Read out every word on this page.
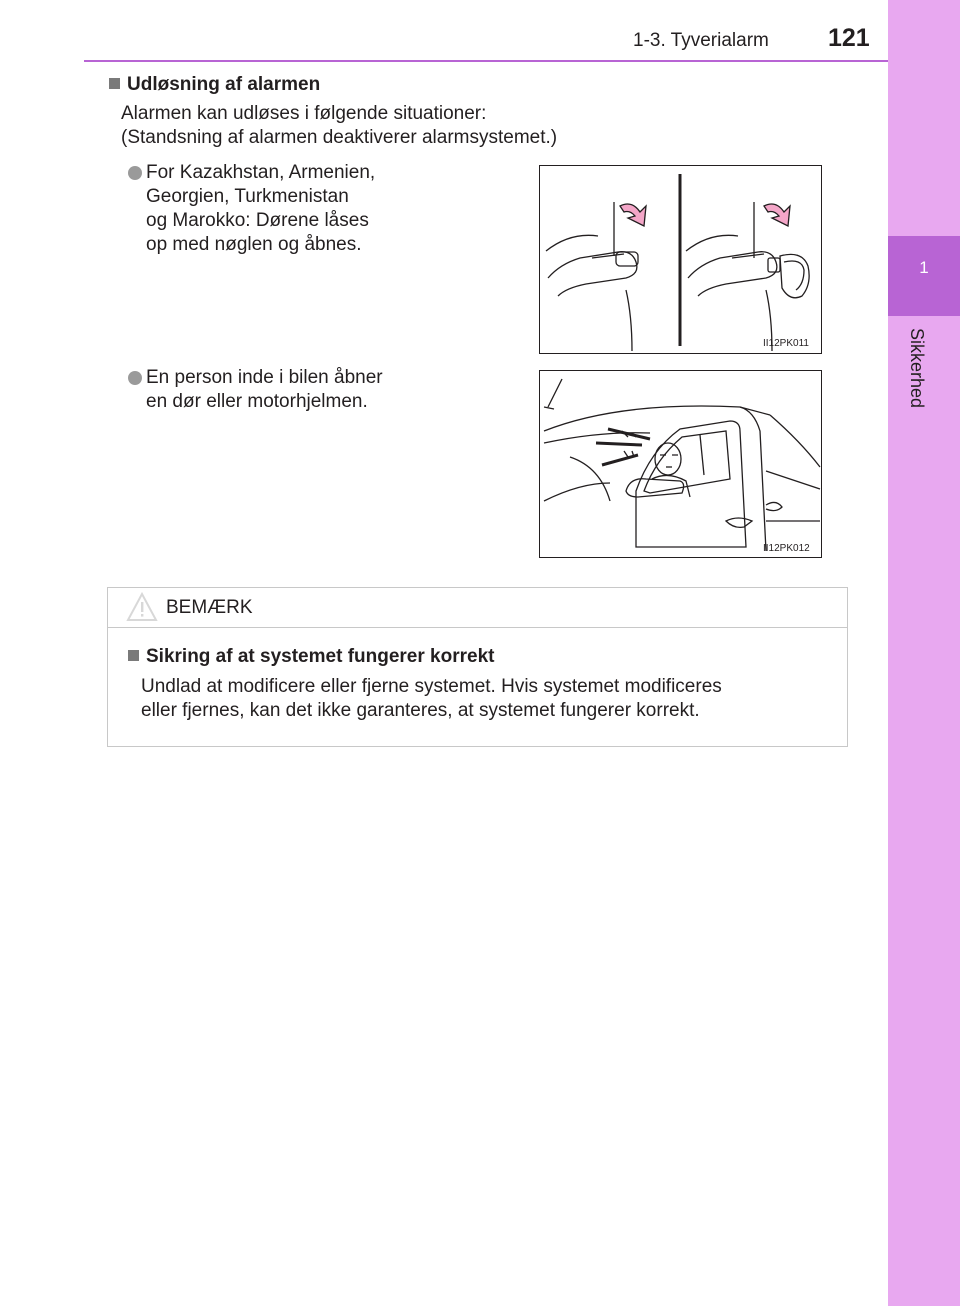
1
Sikkerhed
1-3. Tyverialarm 121
Udløsning af alarmen
Alarmen kan udløses i følgende situationer:
(Standsning af alarmen deaktiverer alarmsystemet.)

For Kazakhstan, Armenien,

Georgien, Turkmenistan

og Marokko: Dørene låses

op med nøglen og åbnes.

II12PK011

En person inde i bilen åbner

en dør eller motorhjelmen.

II12PK012
BEMÆRK
Sikring af at systemet fungerer korrekt
Undlad at modificere eller fjerne systemet. Hvis systemet modificeres
eller fjernes, kan det ikke garanteres, at systemet fungerer korrekt.
